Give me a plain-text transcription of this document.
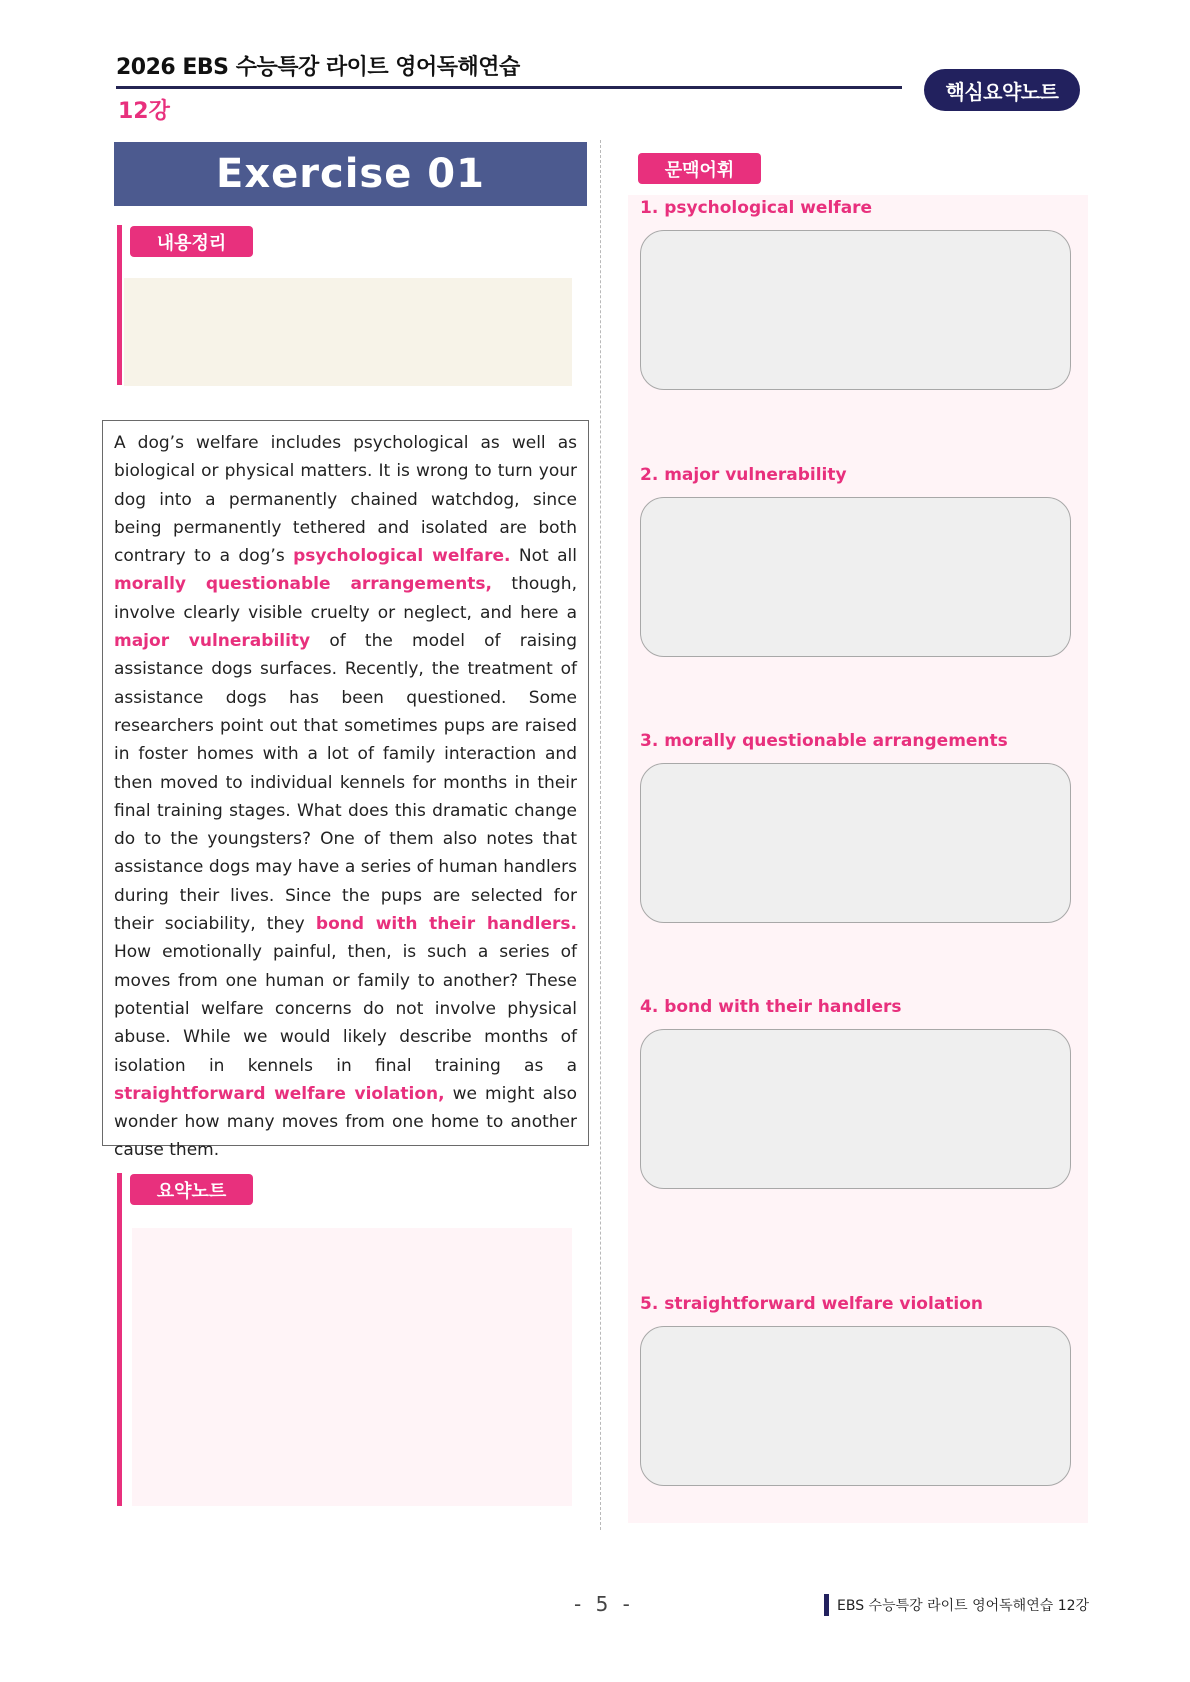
2026 EBS 수능특강 라이트 영어독해연습
12강
핵심요약노트
Exercise 01
내용정리
A dog’s welfare includes psychological as well as biological or physical matters. It is wrong to turn your dog into a permanently chained watchdog, since being permanently tethered and isolated are both contrary to a dog’s psychological welfare. Not all morally questionable arrangements, though, involve clearly visible cruelty or neglect, and here a major vulnerability of the model of raising assistance dogs surfaces. Recently, the treatment of assistance dogs has been questioned. Some researchers point out that sometimes pups are raised in foster homes with a lot of family interaction and then moved to individual kennels for months in their final training stages. What does this dramatic change do to the youngsters? One of them also notes that assistance dogs may have a series of human handlers during their lives. Since the pups are selected for their sociability, they bond with their handlers. How emotionally painful, then, is such a series of moves from one human or family to another? These potential welfare concerns do not involve physical abuse. While we would likely describe months of isolation in kennels in final training as a straightforward welfare violation, we might also wonder how many moves from one home to another cause them.
요약노트
문맥어휘
1. psychological welfare
2. major vulnerability
3. morally questionable arrangements
4. bond with their handlers
5. straightforward welfare violation
- 5 -	EBS 수능특강 라이트 영어독해연습 12강
